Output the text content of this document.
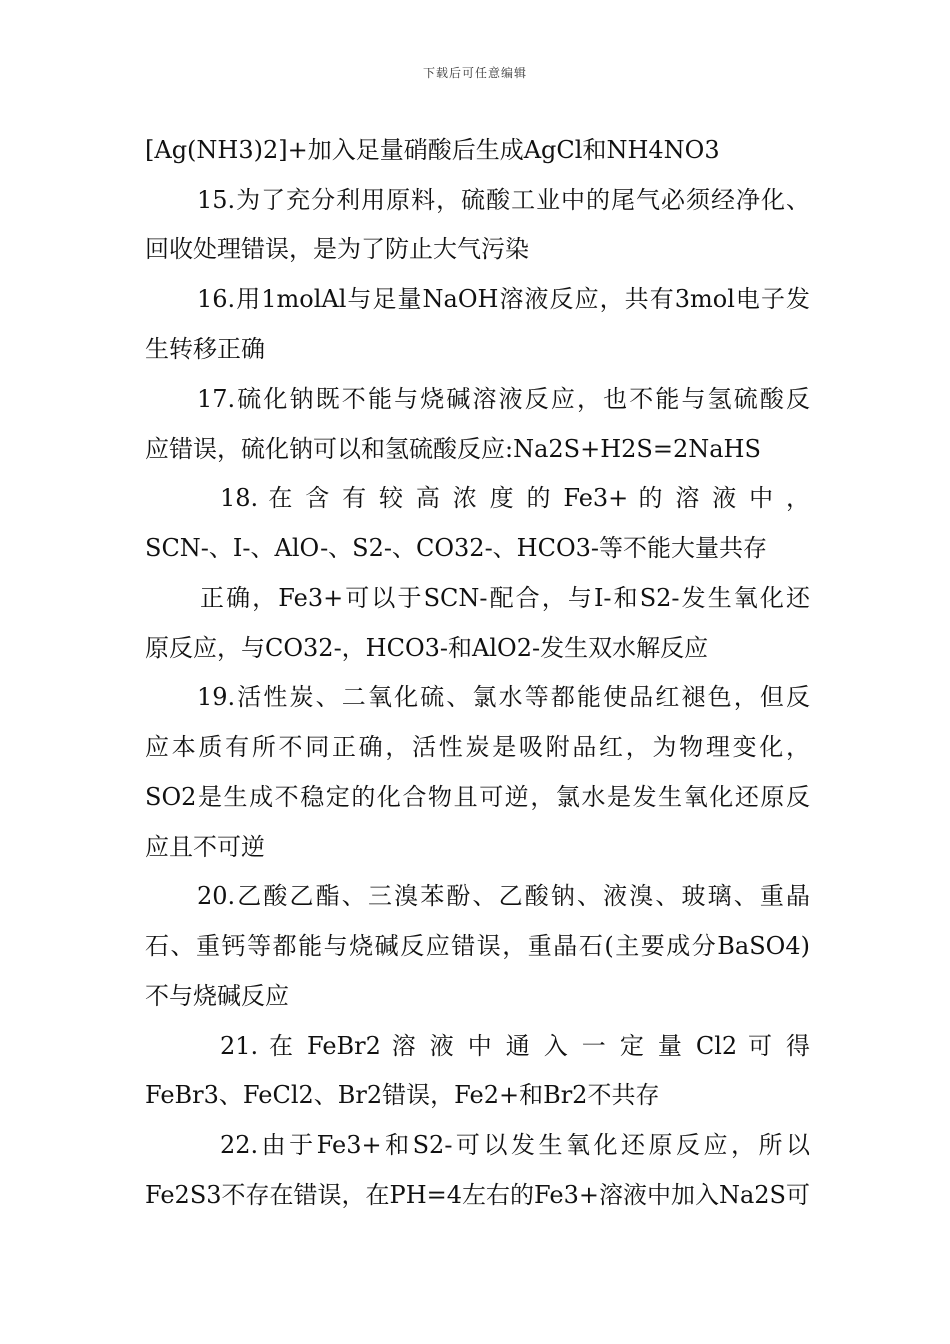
下载后可任意编辑
[Ag(NH3)2]+加入足量硝酸后生成AgCl和NH4NO3
15.为了充分利用原料，硫酸工业中的尾气必须经净化、
回收处理错误，是为了防止大气污染
16.用1molAl与足量NaOH溶液反应，共有3mol电子发
生转移正确
17.硫化钠既不能与烧碱溶液反应，也不能与氢硫酸反
应错误，硫化钠可以和氢硫酸反应:Na2S+H2S=2NaHS
18. 在 含 有 较 高 浓 度 的 Fe3+ 的 溶 液 中 ，
SCN-、I-、AlO-、S2-、CO32-、HCO3-等不能大量共存
正确，Fe3+可以于SCN-配合，与I-和S2-发生氧化还
原反应，与CO32-，HCO3-和AlO2-发生双水解反应
19.活性炭、二氧化硫、氯水等都能使品红褪色，但反
应本质有所不同正确，活性炭是吸附品红，为物理变化，
SO2是生成不稳定的化合物且可逆，氯水是发生氧化还原反
应且不可逆
20.乙酸乙酯、三溴苯酚、乙酸钠、液溴、玻璃、重晶
石、重钙等都能与烧碱反应错误，重晶石(主要成分BaSO4)
不与烧碱反应
21. 在 FeBr2 溶 液 中 通 入 一 定 量 Cl2 可 得
FeBr3、FeCl2、Br2错误，Fe2+和Br2不共存
22.由于Fe3+和S2-可以发生氧化还原反应，所以
Fe2S3不存在错误，在PH=4左右的Fe3+溶液中加入Na2S可
